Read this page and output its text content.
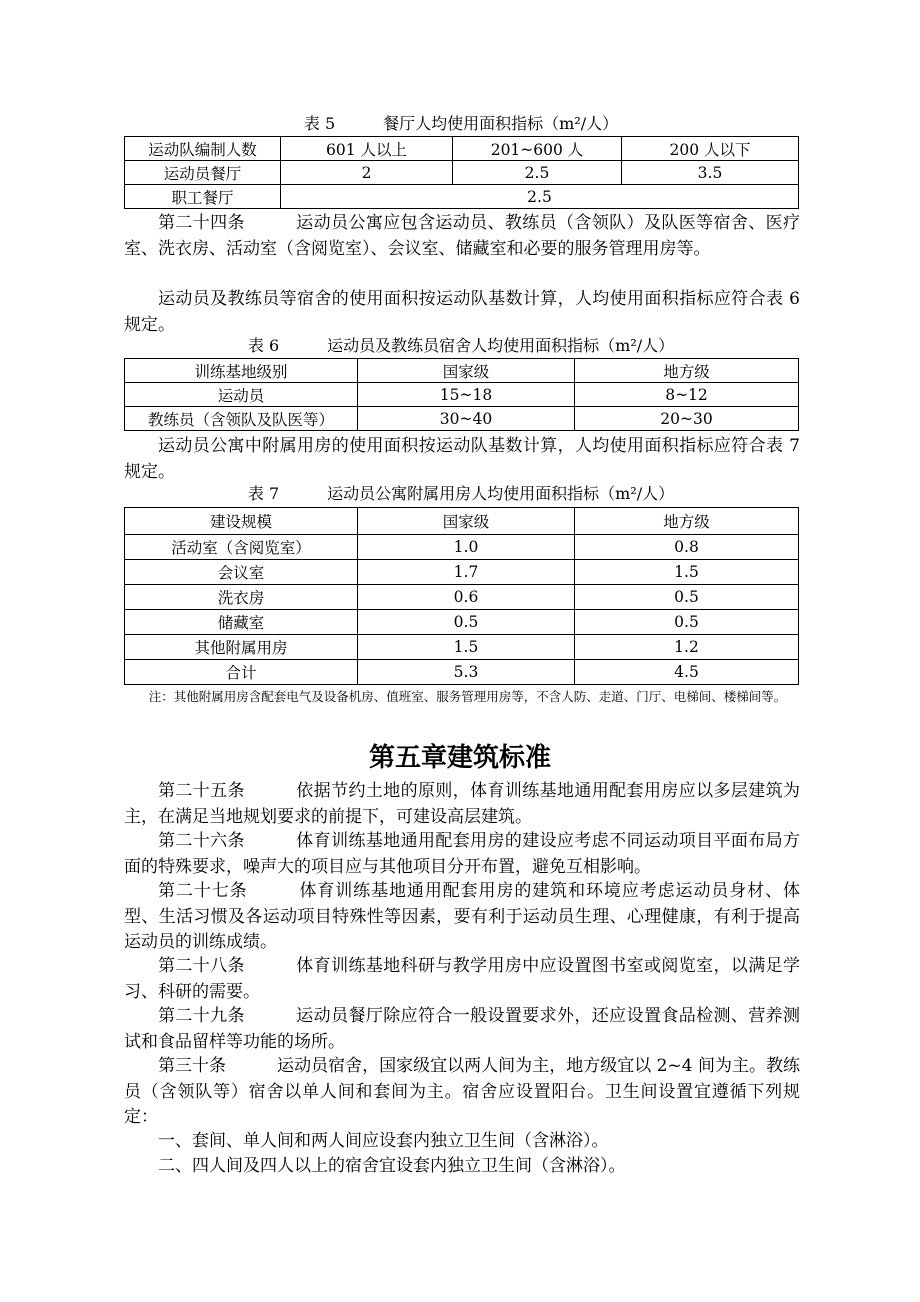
表 5	餐厅人均使用面积指标（m²/人）
运动队编制人数	601 人以上	201~600 人	200 人以下
运动员餐厅	2	2.5	3.5
职工餐厅	2.5		

第二十四条	运动员公寓应包含运动员、教练员（含领队）及队医等宿舍、医疗室、洗衣房、活动室（含阅览室）、会议室、储藏室和必要的服务管理用房等。

运动员及教练员等宿舍的使用面积按运动队基数计算，人均使用面积指标应符合表 6 规定。

表 6	运动员及教练员宿舍人均使用面积指标（m²/人）
训练基地级别	国家级	地方级
运动员	15~18	8~12
教练员（含领队及队医等）	30~40	20~30

运动员公寓中附属用房的使用面积按运动队基数计算，人均使用面积指标应符合表 7 规定。

表 7	运动员公寓附属用房人均使用面积指标（m²/人）
建设规模	国家级	地方级
活动室（含阅览室）	1.0	0.8
会议室	1.7	1.5
洗衣房	0.6	0.5
储藏室	0.5	0.5
其他附属用房	1.5	1.2
合计	5.3	4.5

注：其他附属用房含配套电气及设备机房、值班室、服务管理用房等，不含人防、走道、门厅、电梯间、楼梯间等。

第五章建筑标准

第二十五条	依据节约土地的原则，体育训练基地通用配套用房应以多层建筑为主，在满足当地规划要求的前提下，可建设高层建筑。

第二十六条	体育训练基地通用配套用房的建设应考虑不同运动项目平面布局方面的特殊要求，噪声大的项目应与其他项目分开布置，避免互相影响。

第二十七条	体育训练基地通用配套用房的建筑和环境应考虑运动员身材、体型、生活习惯及各运动项目特殊性等因素，要有利于运动员生理、心理健康，有利于提高运动员的训练成绩。

第二十八条	体育训练基地科研与教学用房中应设置图书室或阅览室，以满足学习、科研的需要。

第二十九条	运动员餐厅除应符合一般设置要求外，还应设置食品检测、营养测试和食品留样等功能的场所。

第三十条	运动员宿舍，国家级宜以两人间为主，地方级宜以 2~4 间为主。教练员（含领队等）宿舍以单人间和套间为主。宿舍应设置阳台。卫生间设置宜遵循下列规定：

一、套间、单人间和两人间应设套内独立卫生间（含淋浴）。

二、四人间及四人以上的宿舍宜设套内独立卫生间（含淋浴）。
